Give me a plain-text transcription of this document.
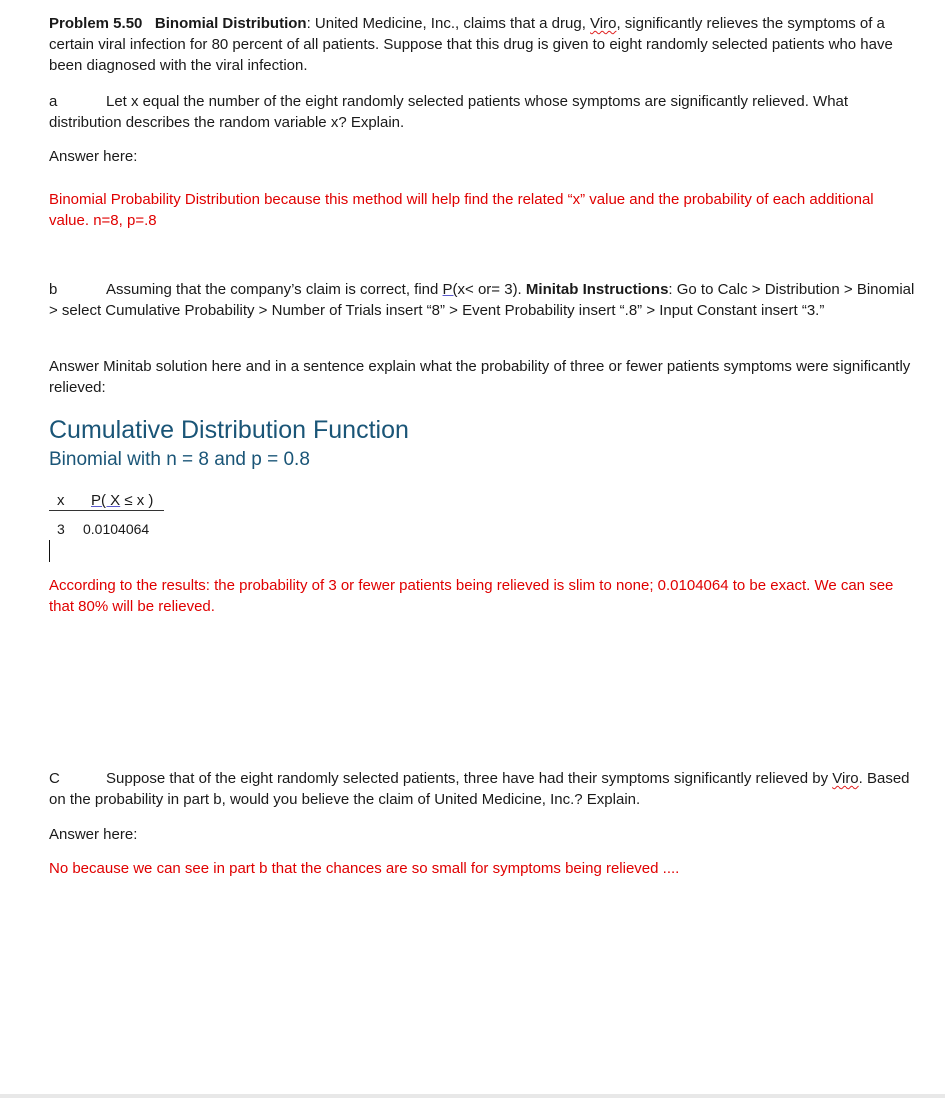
Problem 5.50 Binomial Distribution: United Medicine, Inc., claims that a drug, Viro, significantly relieves the symptoms of a certain viral infection for 80 percent of all patients. Suppose that this drug is given to eight randomly selected patients who have been diagnosed with the viral infection.

a	Let x equal the number of the eight randomly selected patients whose symptoms are significantly relieved. What distribution describes the random variable x? Explain.

Answer here:

Binomial Probability Distribution because this method will help find the related “x” value and the probability of each additional value. n=8, p=.8

b	Assuming that the company’s claim is correct, find P(x< or= 3). Minitab Instructions: Go to Calc > Distribution > Binomial > select Cumulative Probability > Number of Trials insert “8” > Event Probability insert “.8” > Input Constant insert “3.”

Answer Minitab solution here and in a sentence explain what the probability of three or fewer patients symptoms were significantly relieved:

Cumulative Distribution Function
Binomial with n = 8 and p = 0.8
x P( X ≤ x )
3 0.0104064

According to the results: the probability of 3 or fewer patients being relieved is slim to none; 0.0104064 to be exact. We can see that 80% will be relieved.

C	Suppose that of the eight randomly selected patients, three have had their symptoms significantly relieved by Viro. Based on the probability in part b, would you believe the claim of United Medicine, Inc.? Explain.

Answer here:

No because we can see in part b that the chances are so small for symptoms being relieved ....
